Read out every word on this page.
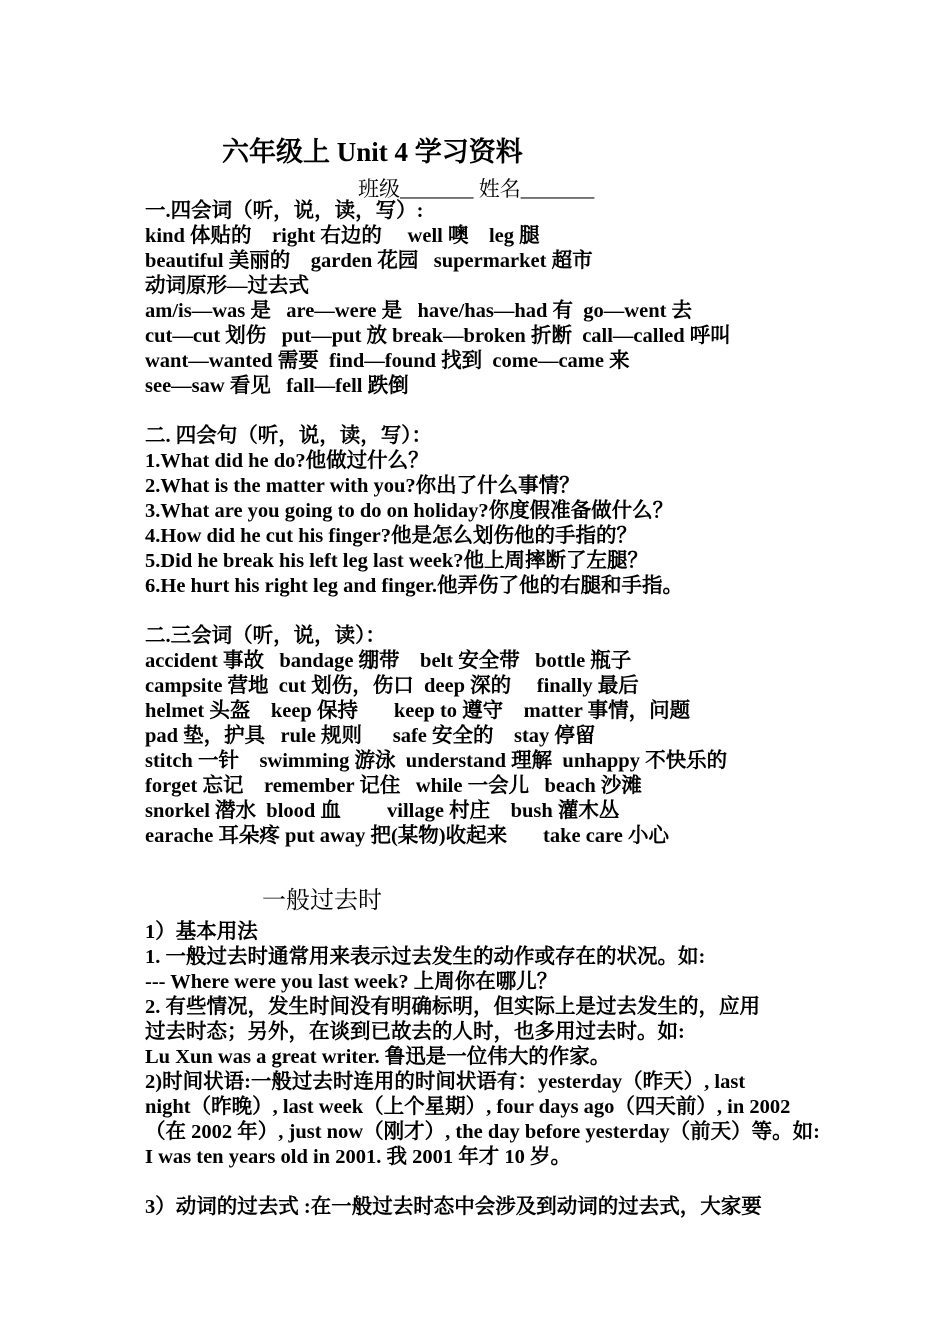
六年级上 Unit 4 学习资料
班级_______ 姓名_______
一.四会词（听，说，读，写）:
kind 体贴的    right 右边的     well 噢    leg 腿
beautiful 美丽的    garden 花园   supermarket 超市
动词原形—过去式
am/is—was 是   are—were 是   have/has—had 有  go—went 去
cut—cut 划伤   put—put 放 break—broken 折断  call—called 呼叫
want—wanted 需要  find—found 找到  come—came 来
see—saw 看见   fall—fell 跌倒
二. 四会句（听，说，读，写）：
1.What did he do?他做过什么？
2.What is the matter with you?你出了什么事情？
3.What are you going to do on holiday?你度假准备做什么？
4.How did he cut his finger?他是怎么划伤他的手指的？
5.Did he break his left leg last week?他上周摔断了左腿？
6.He hurt his right leg and finger.他弄伤了他的右腿和手指。
二.三会词（听，说，读）：
accident 事故   bandage 绷带    belt 安全带   bottle 瓶子
campsite 营地  cut 划伤，伤口  deep 深的     finally 最后
helmet 头盔    keep 保持       keep to 遵守    matter 事情，问题
pad 垫，护具   rule 规则      safe 安全的    stay 停留
stitch 一针    swimming 游泳  understand 理解  unhappy 不快乐的
forget 忘记    remember 记住   while 一会儿   beach 沙滩
snorkel 潜水  blood 血         village 村庄    bush 灌木丛
earache 耳朵疼 put away 把(某物)收起来       take care 小心
一般过去时
1）基本用法
1. 一般过去时通常用来表示过去发生的动作或存在的状况。如:
--- Where were you last week? 上周你在哪儿？
2. 有些情况，发生时间没有明确标明，但实际上是过去发生的，应用
过去时态；另外，在谈到已故去的人时，也多用过去时。如:
Lu Xun was a great writer. 鲁迅是一位伟大的作家。
2)时间状语:一般过去时连用的时间状语有：yesterday（昨天）, last
night（昨晚）, last week（上个星期）, four days ago（四天前）, in 2002
（在 2002 年）, just now（刚才）, the day before yesterday（前天）等。如:
I was ten years old in 2001. 我 2001 年才 10 岁。
3）动词的过去式 :在一般过去时态中会涉及到动词的过去式，大家要
